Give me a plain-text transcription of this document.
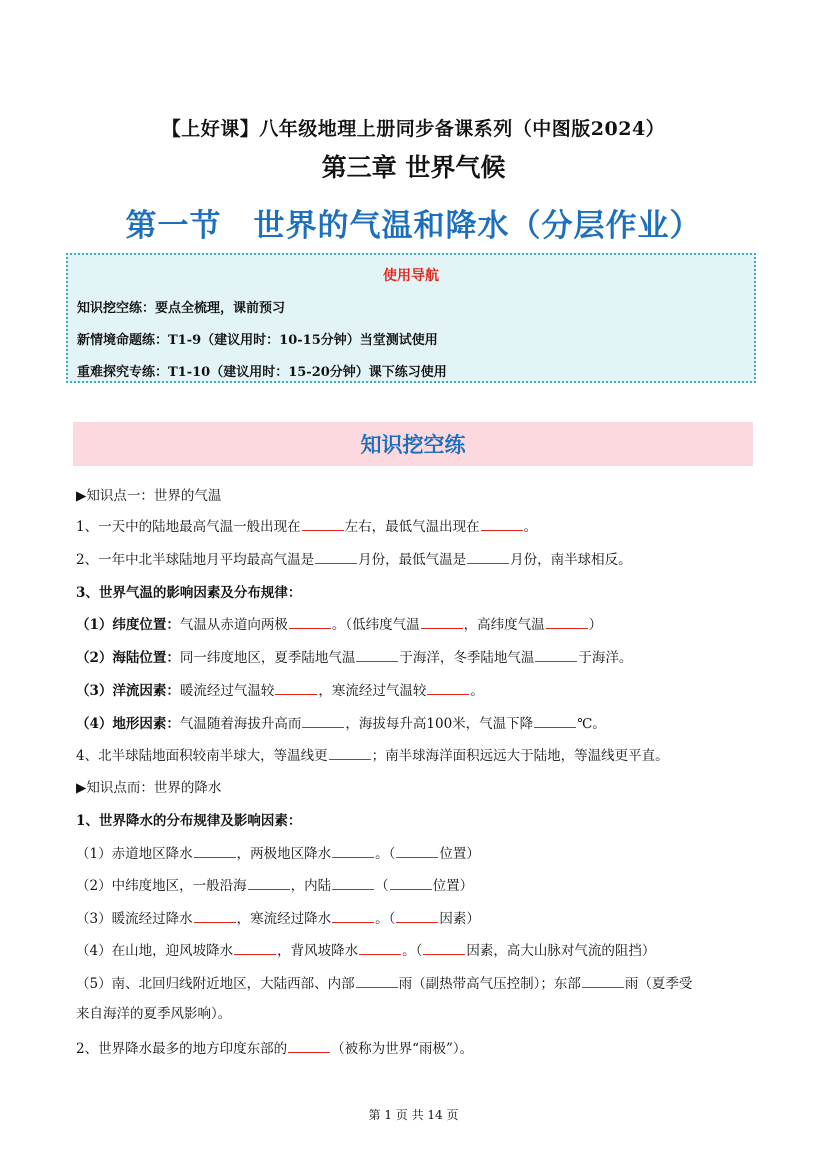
【上好课】八年级地理上册同步备课系列（中图版2024）
第三章 世界气候
第一节　世界的气温和降水（分层作业）
使用导航
知识挖空练：要点全梳理，课前预习
新情境命题练：T1-9（建议用时：10-15分钟）当堂测试使用
重难探究专练：T1-10（建议用时：15-20分钟）课下练习使用
知识挖空练
▶知识点一：世界的气温
1、一天中的陆地最高气温一般出现在	左右，最低气温出现在	。
2、一年中北半球陆地月平均最高气温是	月份，最低气温是	月份，南半球相反。
3、世界气温的影响因素及分布规律：
（1）纬度位置：气温从赤道向两极	。（低纬度气温	，高纬度气温	）
（2）海陆位置：同一纬度地区，夏季陆地气温	于海洋，冬季陆地气温	于海洋。
（3）洋流因素：暖流经过气温较	，寒流经过气温较	。
（4）地形因素：气温随着海拔升高而	，海拔每升高100米，气温下降	℃。
4、北半球陆地面积较南半球大，等温线更	；南半球海洋面积远远大于陆地，等温线更平直。
▶知识点而：世界的降水
1、世界降水的分布规律及影响因素：
（1）赤道地区降水	，两极地区降水	。（	位置）
（2）中纬度地区，一般沿海	，内陆	（	位置）
（3）暖流经过降水	，寒流经过降水	。（	因素）
（4）在山地，迎风坡降水	，背风坡降水	。（	因素，高大山脉对气流的阻挡）
（5）南、北回归线附近地区，大陆西部、内部	雨（副热带高气压控制）；东部	雨（夏季受
来自海洋的夏季风影响）。
2、世界降水最多的地方印度东部的	（被称为世界“雨极”）。
第 1 页 共 14 页
